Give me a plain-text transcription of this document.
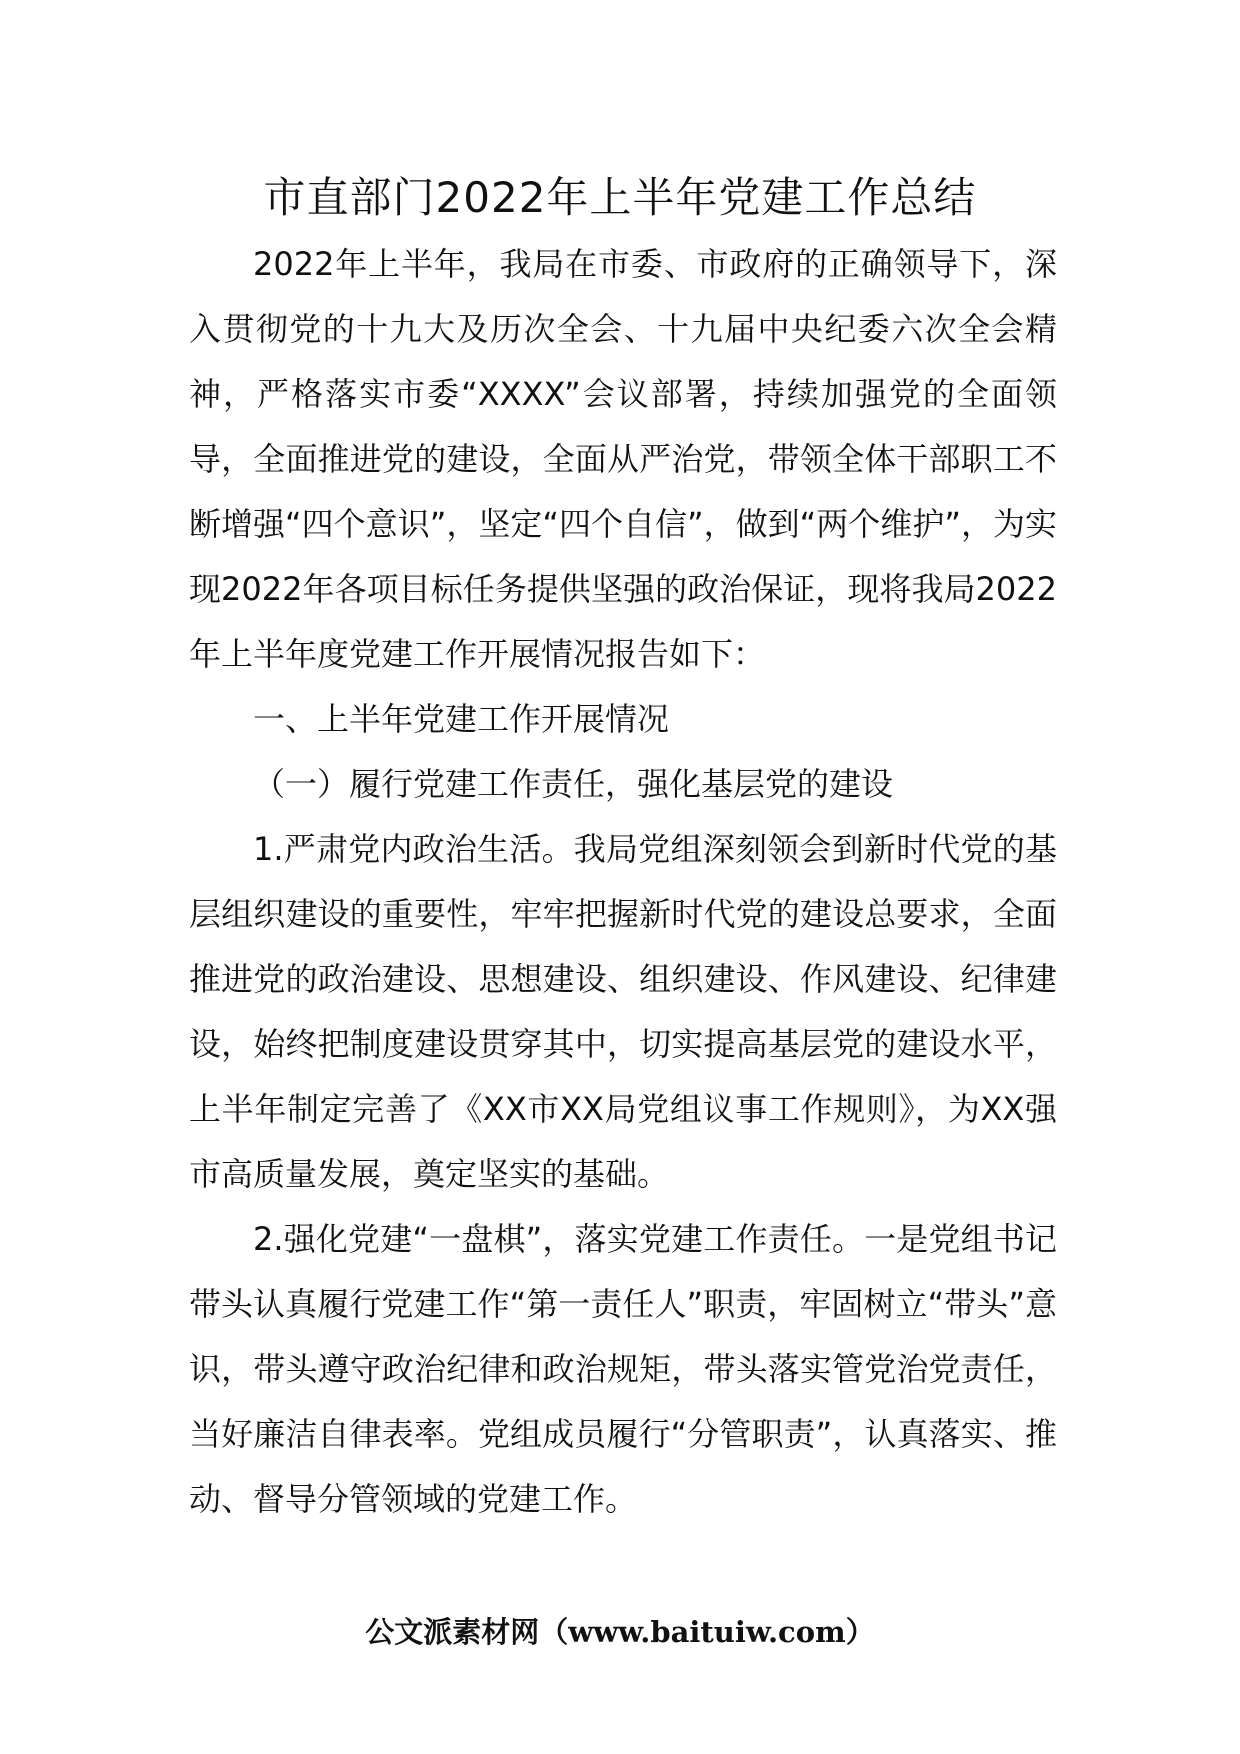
市直部门2022年上半年党建工作总结

2022年上半年，我局在市委、市政府的正确领导下，深入贯彻党的十九大及历次全会、十九届中央纪委六次全会精神，严格落实市委“XXXX”会议部署，持续加强党的全面领导，全面推进党的建设，全面从严治党，带领全体干部职工不断增强“四个意识”，坚定“四个自信”，做到“两个维护”，为实现2022年各项目标任务提供坚强的政治保证，现将我局2022年上半年度党建工作开展情况报告如下：

一、上半年党建工作开展情况

（一）履行党建工作责任，强化基层党的建设

1.严肃党内政治生活。我局党组深刻领会到新时代党的基层组织建设的重要性，牢牢把握新时代党的建设总要求，全面推进党的政治建设、思想建设、组织建设、作风建设、纪律建设，始终把制度建设贯穿其中，切实提高基层党的建设水平，上半年制定完善了《XX市XX局党组议事工作规则》，为XX强市高质量发展，奠定坚实的基础。

2.强化党建“一盘棋”，落实党建工作责任。一是党组书记带头认真履行党建工作“第一责任人”职责，牢固树立“带头”意识，带头遵守政治纪律和政治规矩，带头落实管党治党责任，当好廉洁自律表率。党组成员履行“分管职责”，认真落实、推动、督导分管领域的党建工作。

公文派素材网（www.baituiw.com）
